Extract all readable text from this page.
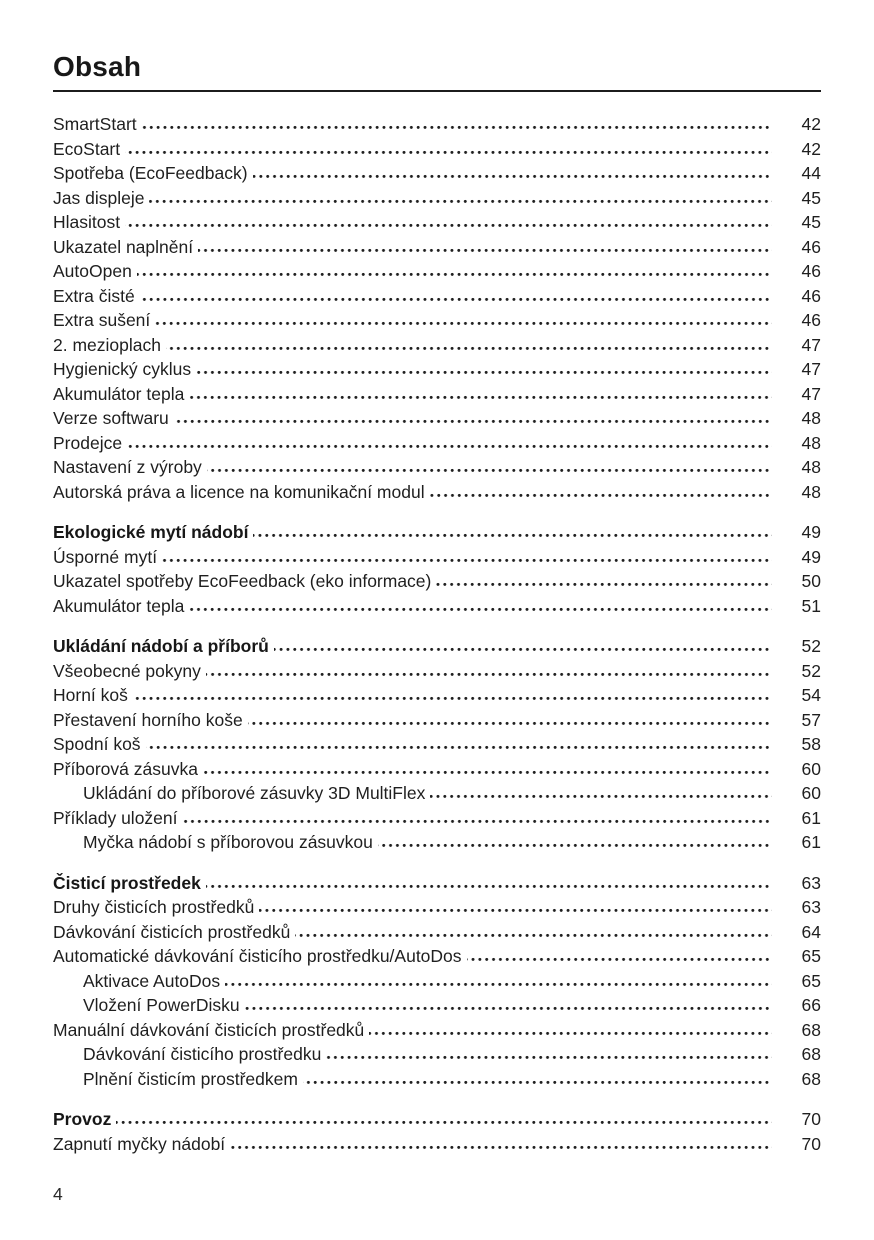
Obsah
SmartStart	42
EcoStart	42
Spotřeba (EcoFeedback)	44
Jas displeje	45
Hlasitost	45
Ukazatel naplnění	46
AutoOpen	46
Extra čisté	46
Extra sušení	46
2. mezioplach	47
Hygienický cyklus	47
Akumulátor tepla	47
Verze softwaru	48
Prodejce	48
Nastavení z výroby	48
Autorská práva a licence na komunikační modul	48
Ekologické mytí nádobí	49
Úsporné mytí	49
Ukazatel spotřeby EcoFeedback (eko informace)	50
Akumulátor tepla	51
Ukládání nádobí a příborů	52
Všeobecné pokyny	52
Horní koš	54
Přestavení horního koše	57
Spodní koš	58
Příborová zásuvka	60
Ukládání do příborové zásuvky 3D MultiFlex	60
Příklady uložení	61
Myčka nádobí s příborovou zásuvkou	61
Čisticí prostředek	63
Druhy čisticích prostředků	63
Dávkování čisticích prostředků	64
Automatické dávkování čisticího prostředku/AutoDos	65
Aktivace AutoDos	65
Vložení PowerDisku	66
Manuální dávkování čisticích prostředků	68
Dávkování čisticího prostředku	68
Plnění čisticím prostředkem	68
Provoz	70
Zapnutí myčky nádobí	70
4
